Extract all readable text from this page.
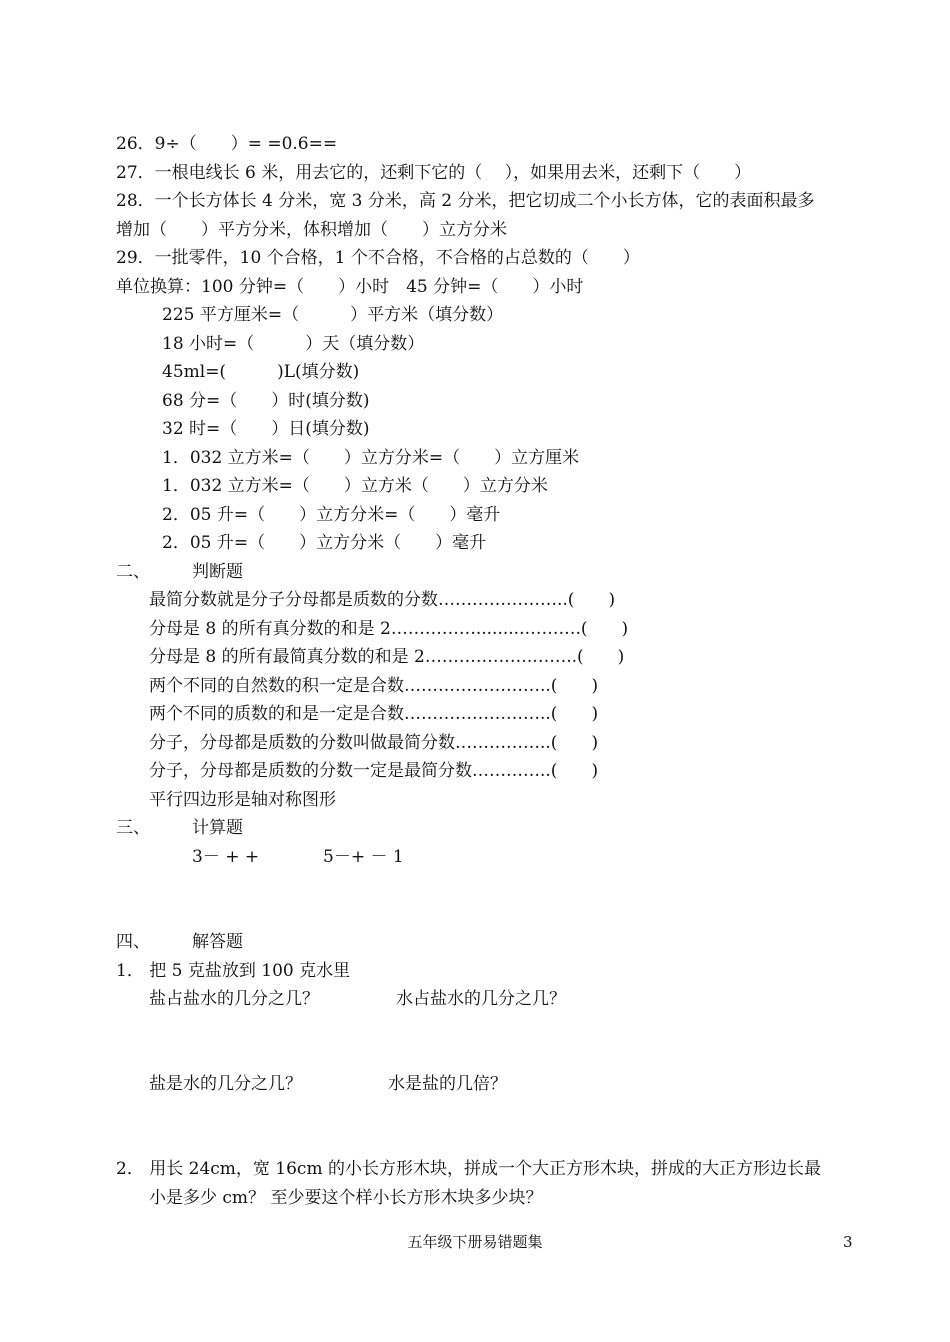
26．9÷（　　）= =0.6==
27．一根电线长 6 米，用去它的，还剩下它的（　 ），如果用去米，还剩下（　　）
28．一个长方体长 4 分米，宽 3 分米，高 2 分米，把它切成二个小长方体，它的表面积最多
增加（　　）平方分米，体积增加（　　）立方分米
29．一批零件，10 个合格，1 个不合格，不合格的占总数的（　　）
单位换算：100 分钟=（　　）小时　45 分钟=（　　）小时
225 平方厘米=（　　　）平方米（填分数）
18 小时=（　　　）天（填分数）
45ml=(　　　)L(填分数)
68 分=（　　）时(填分数)
32 时=（　　）日(填分数)
1．032 立方米=（　　）立方分米=（　　）立方厘米
1．032 立方米=（　　）立方米（　　）立方分米
2．05 升=（　　）立方分米=（　　）毫升
2．05 升=（　　）立方分米（　　）毫升
二、 判断题
最简分数就是分子分母都是质数的分数…………………..(　　)
分母是 8 的所有真分数的和是 2…………….........……….(　　)
分母是 8 的所有最简真分数的和是 2……………….……..(　　)
两个不同的自然数的积一定是合数……………………..(　　)
两个不同的质数的和是一定是合数……………………..(　　)
分子，分母都是质数的分数叫做最简分数……………..(　　)
分子，分母都是质数的分数一定是最简分数…………..(　　)
平行四边形是轴对称图形
三、 计算题
3－ + +	5－+ － 1
四、 解答题
1． 把 5 克盐放到 100 克水里
盐占盐水的几分之几？	水占盐水的几分之几？
盐是水的几分之几？	水是盐的几倍？
2． 用长 24cm，宽 16cm 的小长方形木块，拼成一个大正方形木块，拼成的大正方形边长最
小是多少 cm？ 至少要这个样小长方形木块多少块？
五年级下册易错题集	3
